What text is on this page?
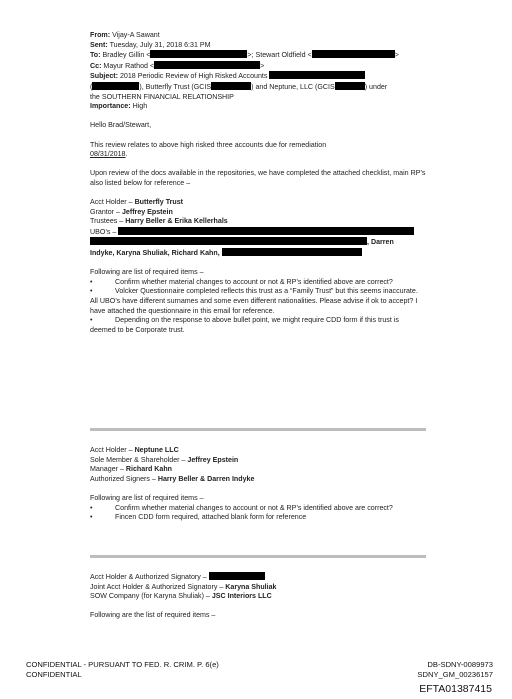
From: Vijay-A Sawant

Sent: Tuesday, July 31, 2018 6:31 PM

To: Bradley Gillin <	>; Stewart Oldfield <	>

Cc: Mayur Rathod <	>

Subject: 2018 Periodic Review of High Risked Accounts

(	), Butterfly Trust (GCIS	) and Neptune, LLC (GCIS	) under

the SOUTHERN FINANCIAL RELATIONSHIP

Importance: High

Hello Brad/Stewart,

This review relates to above high risked three accounts due for remediation
08/31/2018.

Upon review of the docs available in the repositories, we have completed the attached checklist, main RP’s also listed below for reference –

Acct Holder – Butterfly Trust

Grantor – Jeffrey Epstein

Trustees – Harry Beller & Erika Kellerhals

UBO’s –

, Darren

Indyke, Karyna Shuliak, Richard Kahn,

Following are list of required items –

•	Confirm whether material changes to account or not & RP’s identified above are correct?

•	Volcker Questionnaire completed reflects this trust as a “Family Trust” but this seems inaccurate. All UBO’s have different surnames and some even different nationalities. Please advise if ok to accept? I have attached the questionnaire in this email for reference.

•	Depending on the response to above bullet point, we might require CDD form if this trust is deemed to be Corporate trust.

Acct Holder – Neptune LLC

Sole Member & Shareholder – Jeffrey Epstein

Manager – Richard Kahn

Authorized Signers – Harry Beller & Darren Indyke

Following are list of required items –

•	Confirm whether material changes to account or not & RP’s identified above are correct?

•	Fincen CDD form required, attached blank form for reference

Acct Holder & Authorized Signatory –

Joint Acct Holder & Authorized Signatory – Karyna Shuliak

SOW Company (for Karyna Shuliak) – JSC Interiors LLC

Following are the list of required items –

CONFIDENTIAL - PURSUANT TO FED. R. CRIM. P. 6(e)

CONFIDENTIAL

DB-SDNY-0089973

SDNY_GM_00236157

EFTA01387415
